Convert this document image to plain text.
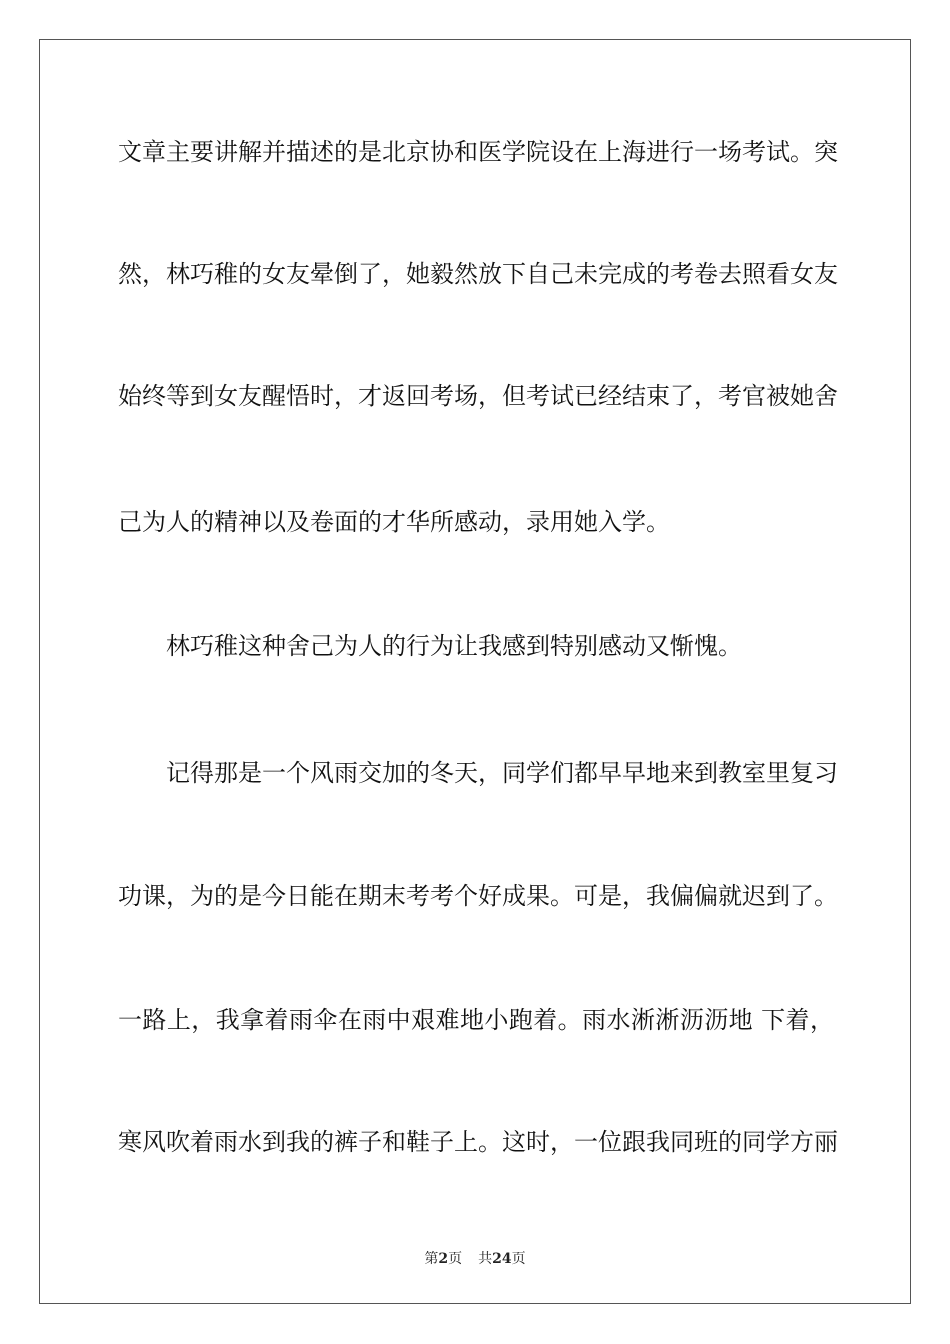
文章主要讲解并描述的是北京协和医学院设在上海进行一场考试。突
然，林巧稚的女友晕倒了，她毅然放下自己未完成的考卷去照看女友
始终等到女友醒悟时，才返回考场，但考试已经结束了，考官被她舍
己为人的精神以及卷面的才华所感动，录用她入学。
林巧稚这种舍己为人的行为让我感到特别感动又惭愧。
记得那是一个风雨交加的冬天，同学们都早早地来到教室里复习
功课，为的是今日能在期末考考个好成果。可是，我偏偏就迟到了。
一路上，我拿着雨伞在雨中艰难地小跑着。雨水淅淅沥沥地 下着，
寒风吹着雨水到我的裤子和鞋子上。这时，一位跟我同班的同学方丽
第2页 共24页
